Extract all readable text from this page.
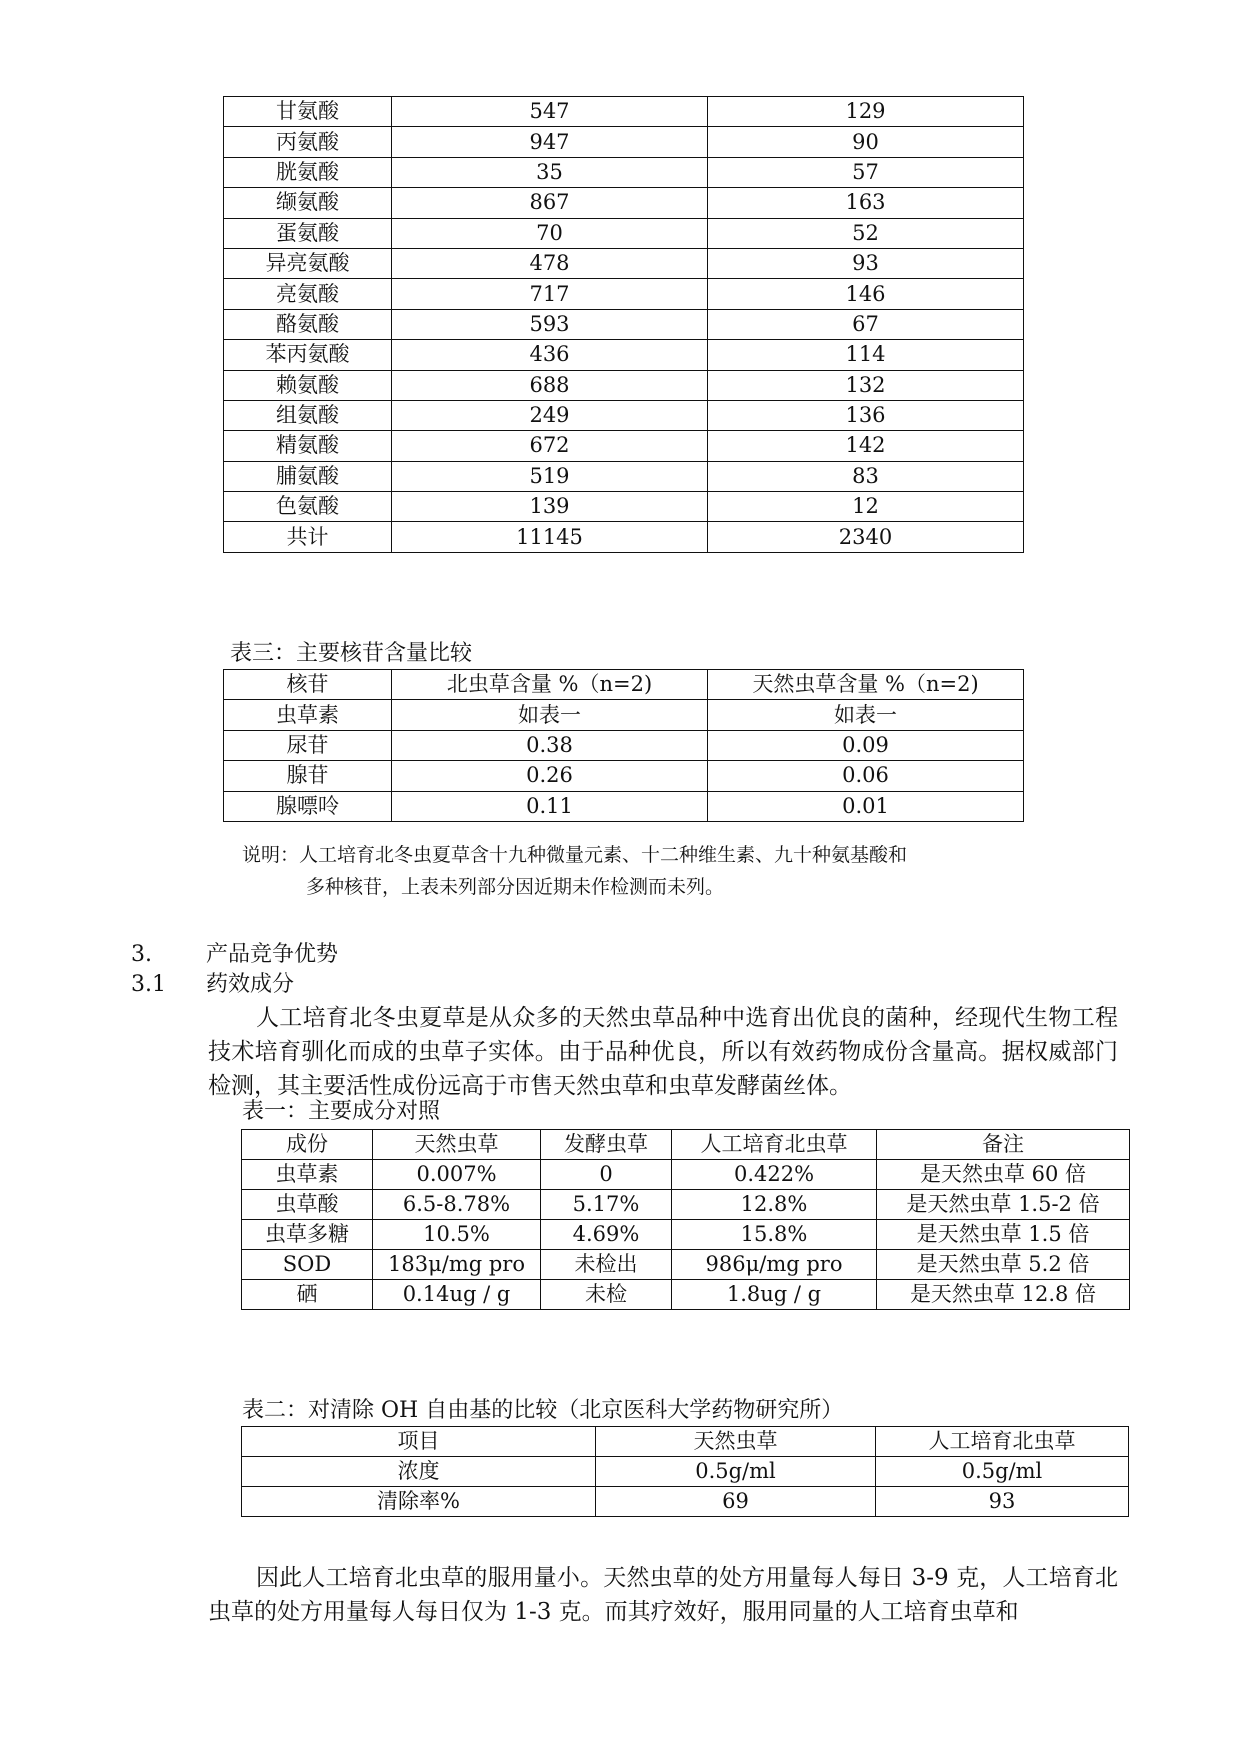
甘氨酸	547	129
丙氨酸	947	90
胱氨酸	35	57
缬氨酸	867	163
蛋氨酸	70	52
异亮氨酸	478	93
亮氨酸	717	146
酪氨酸	593	67
苯丙氨酸	436	114
赖氨酸	688	132
组氨酸	249	136
精氨酸	672	142
脯氨酸	519	83
色氨酸	139	12
共计	11145	2340
表三：主要核苷含量比较
核苷	北虫草含量 %（n=2)	天然虫草含量 %（n=2)
虫草素	如表一	如表一
尿苷	0.38	0.09
腺苷	0.26	0.06
腺嘌呤	0.11	0.01
说明：人工培育北冬虫夏草含十九种微量元素、十二种维生素、九十种氨基酸和
多种核苷，上表未列部分因近期未作检测而未列。
3. 产品竞争优势
3.1 药效成分
人工培育北冬虫夏草是从众多的天然虫草品种中选育出优良的菌种，经现代生物工程技术培育驯化而成的虫草子实体。由于品种优良，所以有效药物成份含量高。据权威部门检测，其主要活性成份远高于市售天然虫草和虫草发酵菌丝体。
表一：主要成分对照
成份	天然虫草	发酵虫草	人工培育北虫草	备注
虫草素	0.007%	0	0.422%	是天然虫草 60 倍
虫草酸	6.5-8.78%	5.17%	12.8%	是天然虫草 1.5-2 倍
虫草多糖	10.5%	4.69%	15.8%	是天然虫草 1.5 倍
SOD	183μ/mg pro	未检出	986μ/mg pro	是天然虫草 5.2 倍
硒	0.14ug / g	未检	1.8ug / g	是天然虫草 12.8 倍
表二：对清除 OH 自由基的比较（北京医科大学药物研究所）
项目	天然虫草	人工培育北虫草
浓度	0.5g/ml	0.5g/ml
清除率%	69	93
因此人工培育北虫草的服用量小。天然虫草的处方用量每人每日 3-9 克，人工培育北虫草的处方用量每人每日仅为 1-3 克。而其疗效好，服用同量的人工培育虫草和
